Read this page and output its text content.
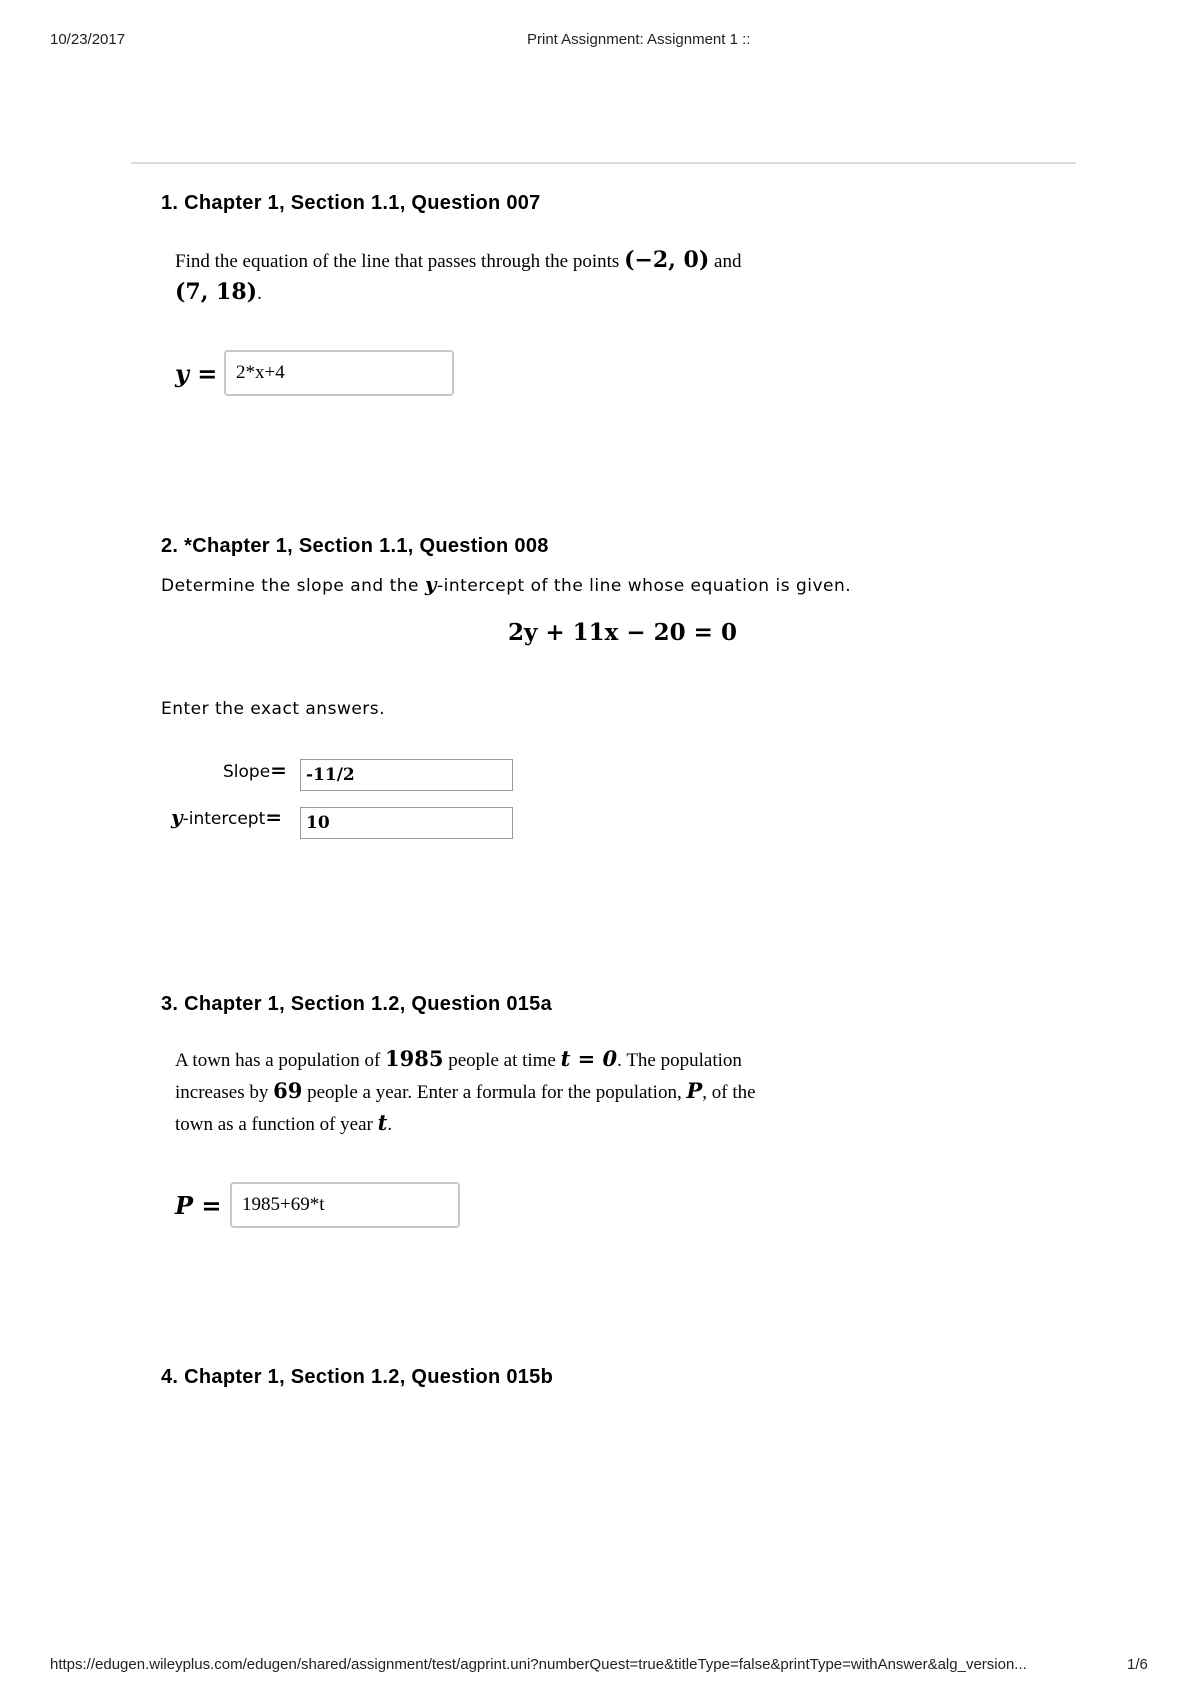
10/23/2017	Print Assignment: Assignment 1 ::
1. Chapter 1, Section 1.1, Question 007
Find the equation of the line that passes through the points (−2, 0) and
(7, 18).
y = 2*x+4
2. *Chapter 1, Section 1.1, Question 008
Determine the slope and the y-intercept of the line whose equation is given.
2y + 11x − 20 = 0
Enter the exact answers.
Slope=	-11/2
y-intercept=	10
3. Chapter 1, Section 1.2, Question 015a
A town has a population of 1985 people at time t = 0. The population
increases by 69 people a year. Enter a formula for the population, P, of the
town as a function of year t.
P =	1985+69*t
4. Chapter 1, Section 1.2, Question 015b
https://edugen.wileyplus.com/edugen/shared/assignment/test/agprint.uni?numberQuest=true&titleType=false&printType=withAnswer&alg_version...	1/6
